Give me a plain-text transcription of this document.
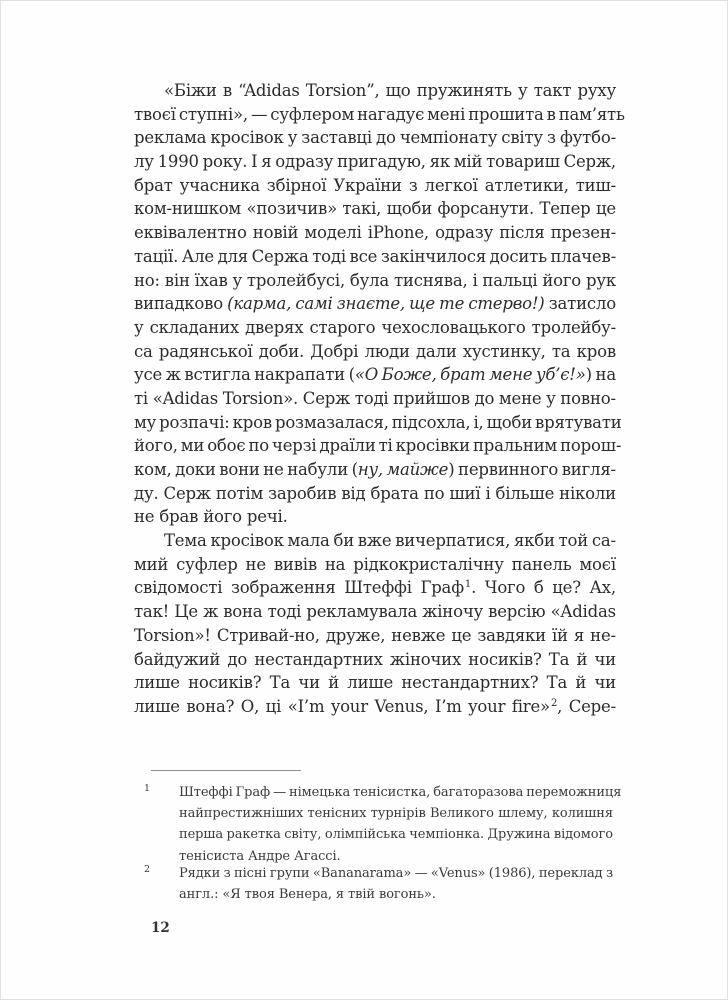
«Біжи в “Adidas Torsion”, що пружинять у такт руху
твоєї ступні», — суфлером нагадує мені прошита в пам’ять
реклама кросівок у заставці до чемпіонату світу з футбо-
лу 1990 року. І я одразу пригадую, як мій товариш Серж,
брат учасника збірної України з легкої атлетики, тиш-
ком-нишком «позичив» такі, щоби форсанути. Тепер це
еквівалентно новій моделі iPhone, одразу після презен-
тації. Але для Сержа тоді все закінчилося досить плачев-
но: він їхав у тролейбусі, була тиснява, і пальці його рук
випадково (карма, самі знаєте, ще те стерво!) затисло
у складаних дверях старого чехословацького тролейбу-
са радянської доби. Добрі люди дали хустинку, та кров
усе ж встигла накрапати («О Боже, брат мене уб’є!») на
ті «Adidas Torsion». Серж тоді прийшов до мене у повно-
му розпачі: кров розмазалася, підсохла, і, щоби врятувати
його, ми обоє по черзі драїли ті кросівки пральним порош-
ком, доки вони не набули (ну, майже) первинного вигля-
ду. Серж потім заробив від брата по шиї і більше ніколи
не брав його речі.
Тема кросівок мала би вже вичерпатися, якби той са-
мий суфлер не вивів на рідкокристалічну панель моєї
свідомості зображення Штеффі Граф$^1$. Чого б це? Ах,
так! Це ж вона тоді рекламувала жіночу версію «Adidas
Torsion»! Стривай-но, друже, невже це завдяки їй я не-
байдужий до нестандартних жіночих носиків? Та й чи
лише носиків? Та чи й лише нестандартних? Та й чи
лише вона? О, ці «I’m your Venus, I’m your fire»$^2$, Сере-
1 Штеффі Граф — німецька тенісистка, багаторазова переможниця
найпрестижніших тенісних турнірів Великого шлему, колишня
перша ракетка світу, олімпійська чемпіонка. Дружина відомого
тенісиста Андре Агассі.
2 Рядки з пісні групи «Bananarama» — «Venus» (1986), переклад з
англ.: «Я твоя Венера, я твій вогонь».
12
